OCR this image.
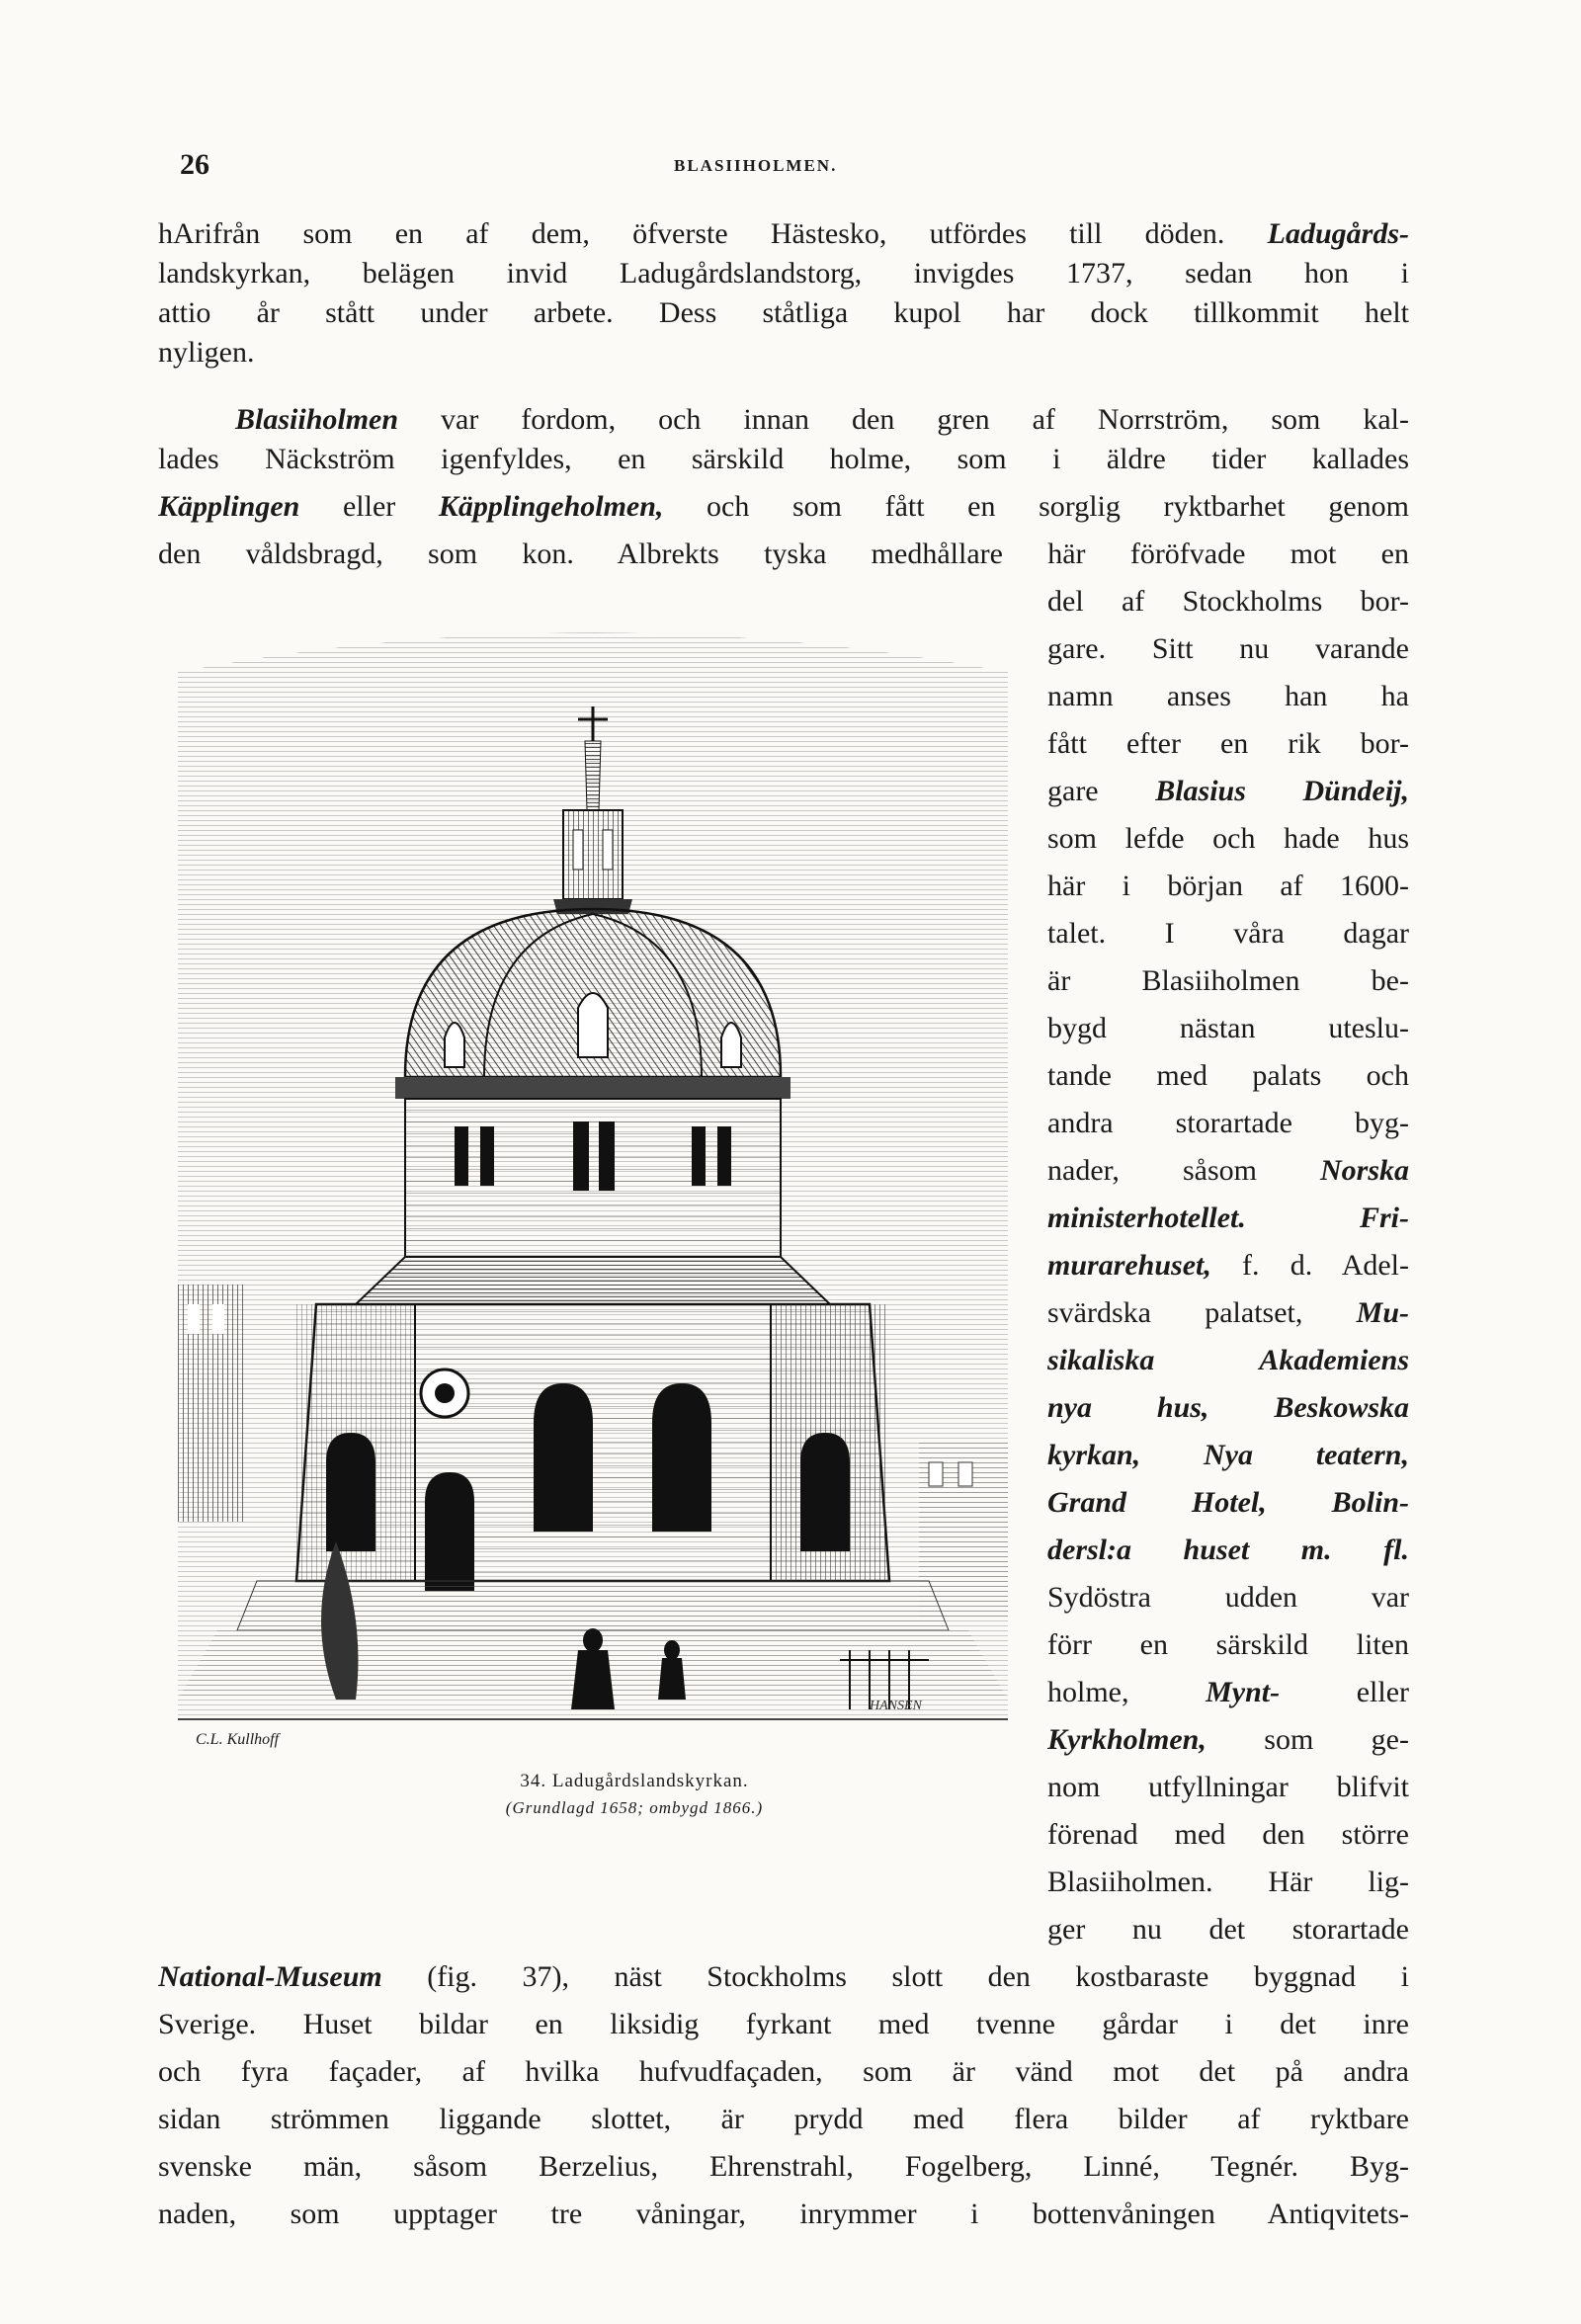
26	BLASIIHOLMEN.
hArifrån som en af dem, öfverste Hästesko, utfördes till döden. Ladugårds-
landskyrkan, belägen invid Ladugårdslandstorg, invigdes 1737, sedan hon i
attio år stått under arbete. Dess ståtliga kupol har dock tillkommit helt
nyligen.
Blasiiholmen var fordom, och innan den gren af Norrström, som kal-
lades Näckström igenfyldes, en särskild holme, som i äldre tider kallades
Käpplingen eller Käpplingeholmen, och som fått en sorglig ryktbarhet genom
den våldsbragd, som kon. Albrekts tyska medhållare här föröfvade mot en
del af Stockholms bor-
gare. Sitt nu varande
namn anses han ha
fått efter en rik bor-
gare Blasius Dündeij,
som lefde och hade hus
här i början af 1600-
talet. I våra dagar
är Blasiiholmen be-
bygd nästan uteslu-
tande med palats och
andra storartade byg-
nader, såsom Norska
ministerhotellet.	Fri-
murarehuset, f. d. Adel-
svärdska palatset, Mu-
sikaliska	Akademiens
nya hus, Beskowska
kyrkan, Nya teatern,
Grand Hotel, Bolin-
dersl:a huset m. fl.
Sydöstra udden var
förr en särskild liten
holme,	Mynt-	eller
Kyrkholmen, som ge-
nom utfyllningar blifvit
förenad med den större
Blasiiholmen. Här lig-
ger nu det storartade
National-Museum (fig. 37), näst Stockholms slott den kostbaraste byggnad i
Sverige. Huset bildar en liksidig fyrkant med tvenne gårdar i det inre
och fyra façader, af hvilka hufvudfaçaden, som är vänd mot det på andra
sidan strömmen liggande slottet, är prydd med flera bilder af ryktbare
svenske män, såsom Berzelius, Ehrenstrahl, Fogelberg, Linné, Tegnér. Byg-
naden, som upptager tre våningar, inrymmer i bottenvåningen Antiqvitets-
HANSEN
C.L. Kullhoff
34. Ladugårdslandskyrkan.
(Grundlagd 1658; ombygd 1866.)
